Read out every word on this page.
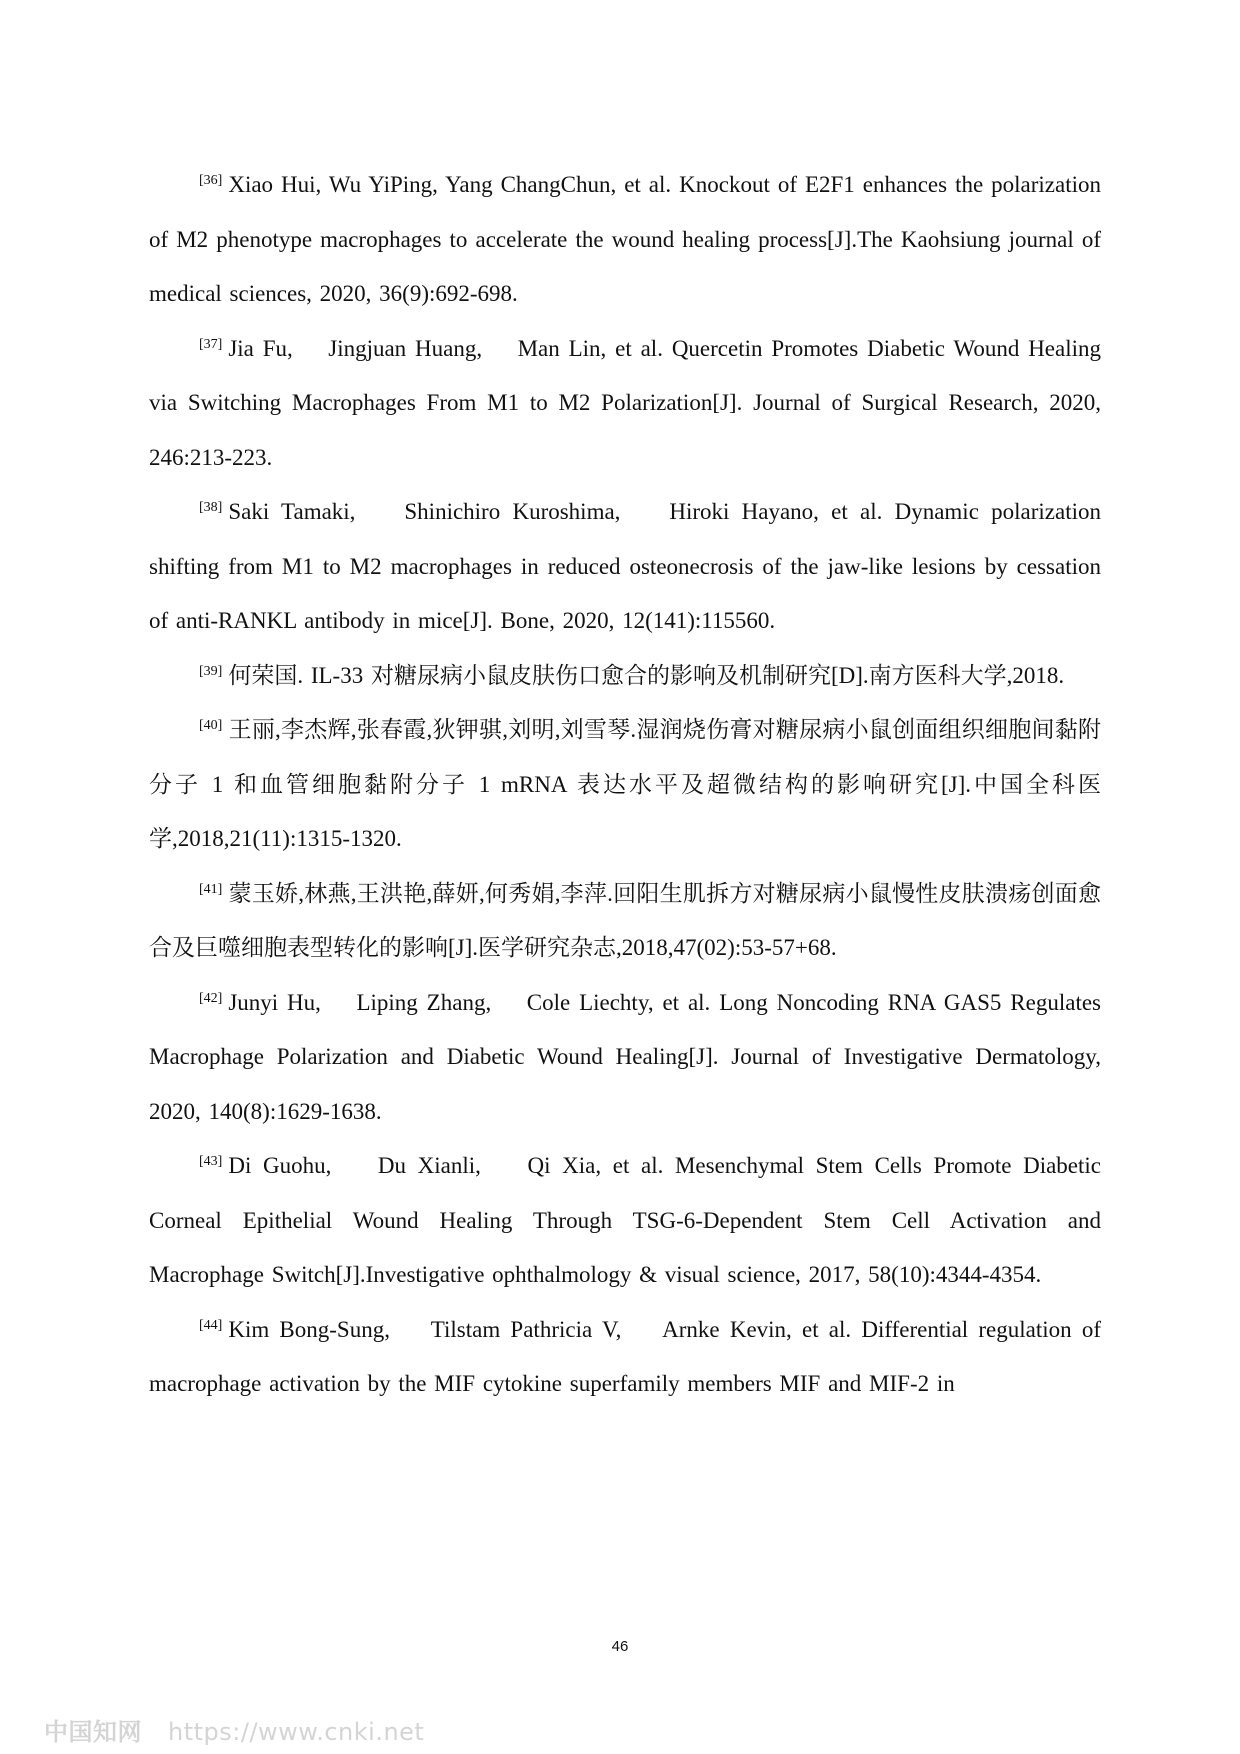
[36] Xiao Hui, Wu YiPing, Yang ChangChun, et al. Knockout of E2F1 enhances the polarization of M2 phenotype macrophages to accelerate the wound healing process[J].The Kaohsiung journal of medical sciences, 2020, 36(9):692-698.

[37] Jia Fu,    Jingjuan Huang,    Man Lin, et al. Quercetin Promotes Diabetic Wound Healing via Switching Macrophages From M1 to M2 Polarization[J]. Journal of Surgical Research, 2020, 246:213-223.

[38] Saki Tamaki,    Shinichiro Kuroshima,    Hiroki Hayano, et al. Dynamic polarization shifting from M1 to M2 macrophages in reduced osteonecrosis of the jaw-like lesions by cessation of anti-RANKL antibody in mice[J]. Bone, 2020, 12(141):115560.

[39] 何荣国. IL-33 对糖尿病小鼠皮肤伤口愈合的影响及机制研究[D].南方医科大学,2018.

[40] 王丽,李杰辉,张春霞,狄钾骐,刘明,刘雪琴.湿润烧伤膏对糖尿病小鼠创面组织细胞间黏附分子 1 和血管细胞黏附分子 1 mRNA 表达水平及超微结构的影响研究[J].中国全科医学,2018,21(11):1315-1320.

[41] 蒙玉娇,林燕,王洪艳,薛妍,何秀娟,李萍.回阳生肌拆方对糖尿病小鼠慢性皮肤溃疡创面愈合及巨噬细胞表型转化的影响[J].医学研究杂志,2018,47(02):53-57+68.

[42] Junyi Hu,    Liping Zhang,    Cole Liechty, et al. Long Noncoding RNA GAS5 Regulates Macrophage Polarization and Diabetic Wound Healing[J]. Journal of Investigative Dermatology, 2020, 140(8):1629-1638.

[43] Di Guohu,    Du Xianli,    Qi Xia, et al. Mesenchymal Stem Cells Promote Diabetic Corneal Epithelial Wound Healing Through TSG-6-Dependent Stem Cell Activation and Macrophage Switch[J].Investigative ophthalmology & visual science, 2017, 58(10):4344-4354.

[44] Kim Bong-Sung,    Tilstam Pathricia V,    Arnke Kevin, et al. Differential regulation of macrophage activation by the MIF cytokine superfamily members MIF and MIF-2 in

46
中国知网 https://www.cnki.net
